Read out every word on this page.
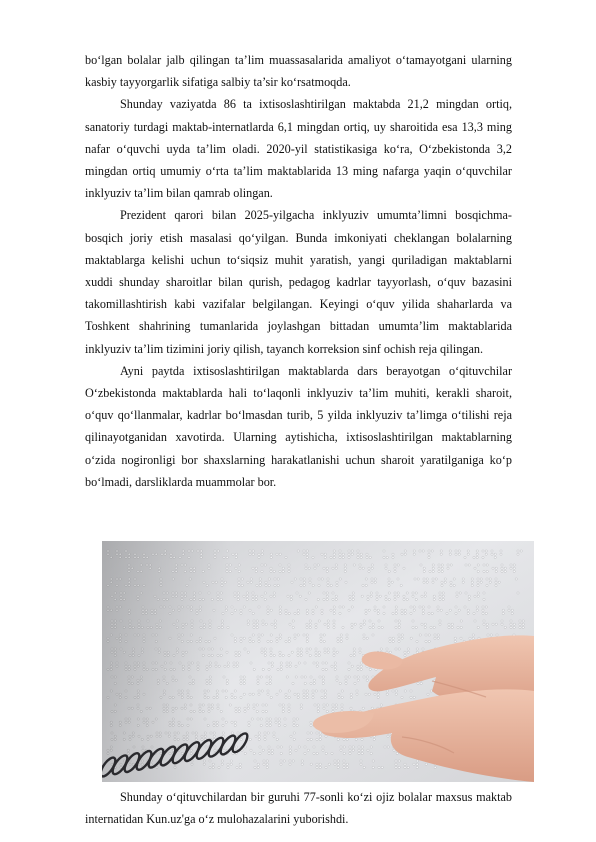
bo‘lgan bolalar jalb qilingan ta’lim muassasalarida amaliyot o‘tamayotgani ularning kasbiy tayyorgarlik sifatiga salbiy ta’sir ko‘rsatmoqda.

Shunday vaziyatda 86 ta ixtisoslashtirilgan maktabda 21,2 mingdan ortiq, sanatoriy turdagi maktab-internatlarda 6,1 mingdan ortiq, uy sharoitida esa 13,3 ming nafar o‘quvchi uyda ta’lim oladi. 2020-yil statistikasiga ko‘ra, O‘zbekistonda 3,2 mingdan ortiq umumiy o‘rta ta’lim maktablarida 13 ming nafarga yaqin o‘quvchilar inklyuziv ta’lim bilan qamrab olingan.

Prezident qarori bilan 2025-yilgacha inklyuziv umumta’limni bosqichma-bosqich joriy etish masalasi qo‘yilgan. Bunda imkoniyati cheklangan bolalarning maktablarga kelishi uchun to‘siqsiz muhit yaratish, yangi quriladigan maktablarni xuddi shunday sharoitlar bilan qurish, pedagog kadrlar tayyorlash, o‘quv bazasini takomillashtirish kabi vazifalar belgilangan. Keyingi o‘quv yilida shaharlarda va Toshkent shahrining tumanlarida joylashgan bittadan umumta’lim maktablarida inklyuziv ta’lim tizimini joriy qilish, tayanch korreksion sinf ochish reja qilingan.

Ayni paytda ixtisoslashtirilgan maktablarda dars berayotgan o‘qituvchilar O‘zbekistonda maktablarda hali to‘laqonli inklyuziv ta’lim muhiti, kerakli sharoit, o‘quv qo‘llanmalar, kadrlar bo‘lmasdan turib, 5 yilda inklyuziv ta’limga o‘tilishi reja qilinayotganidan xavotirda. Ularning aytishicha, ixtisoslashtirilgan maktablarning o‘zida nogironligi bor shaxslarning harakatlanishi uchun sharoit yaratilganiga ko‘p bo‘lmadi, darsliklarda muammolar bor.

Shunday o‘qituvchilardan bir guruhi 77-sonli ko‘zi ojiz bolalar maxsus maktab internatidan Kun.uz'ga o‘z mulohazalarini yuborishdi.
